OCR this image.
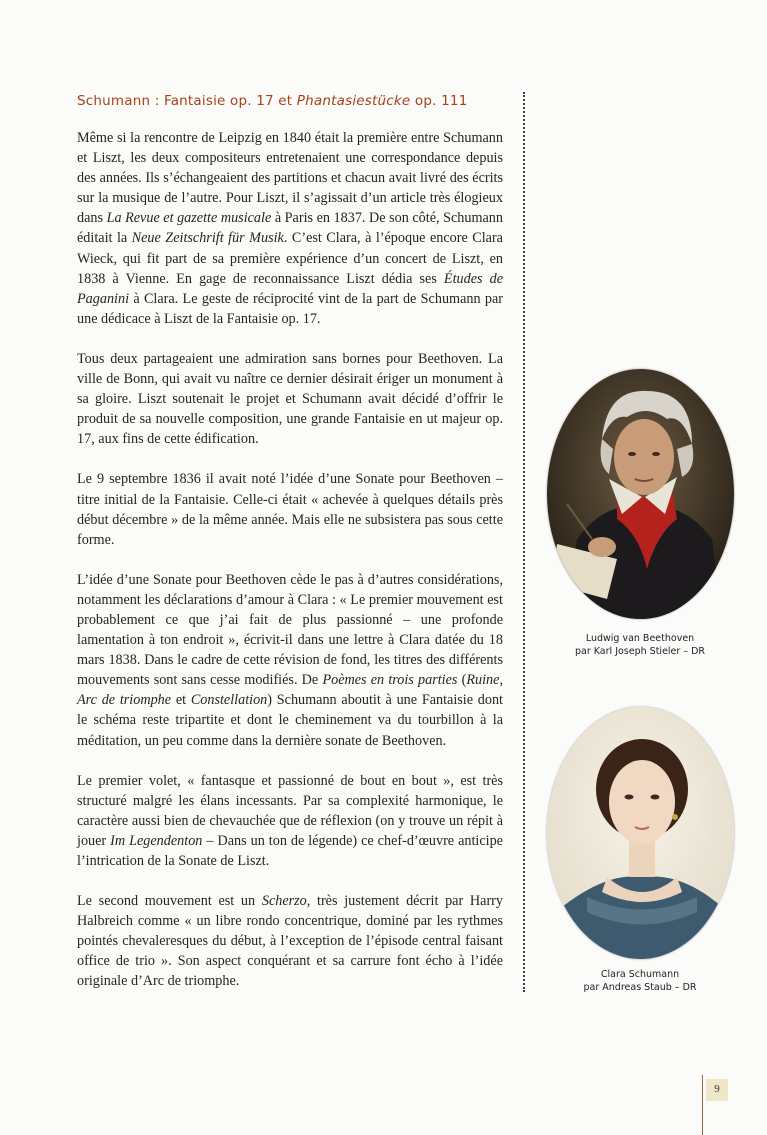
Schumann : Fantaisie op. 17 et Phantasiestücke op. 111

Même si la rencontre de Leipzig en 1840 était la première entre Schumann et Liszt, les deux compositeurs entretenaient une correspondance depuis des années. Ils s’échangeaient des partitions et chacun avait livré des écrits sur la musique de l’autre. Pour Liszt, il s’agissait d’un article très élogieux dans La Revue et gazette musicale à Paris en 1837. De son côté, Schumann éditait la Neue Zeitschrift für Musik. C’est Clara, à l’époque encore Clara Wieck, qui fit part de sa première expérience d’un concert de Liszt, en 1838 à Vienne. En gage de reconnaissance Liszt dédia ses Études de Paganini à Clara. Le geste de réciprocité vint de la part de Schumann par une dédicace à Liszt de la Fantaisie op. 17.

Tous deux partageaient une admiration sans bornes pour Beethoven. La ville de Bonn, qui avait vu naître ce dernier désirait ériger un monument à sa gloire. Liszt soutenait le projet et Schumann avait décidé d’offrir le produit de sa nouvelle composition, une grande Fantaisie en ut majeur op. 17, aux fins de cette édification.

Le 9 septembre 1836 il avait noté l’idée d’une Sonate pour Beethoven – titre initial de la Fantaisie. Celle-ci était « achevée à quelques détails près début décembre » de la même année. Mais elle ne subsistera pas sous cette forme.

L’idée d’une Sonate pour Beethoven cède le pas à d’autres considérations, notamment les déclarations d’amour à Clara : « Le premier mouvement est probablement ce que j’ai fait de plus passionné – une profonde lamentation à ton endroit », écrivit-il dans une lettre à Clara datée du 18 mars 1838. Dans le cadre de cette révision de fond, les titres des différents mouvements sont sans cesse modifiés. De Poèmes en trois parties (Ruine, Arc de triomphe et Constellation) Schumann aboutit à une Fantaisie dont le schéma reste tripartite et dont le cheminement va du tourbillon à la méditation, un peu comme dans la dernière sonate de Beethoven.

Le premier volet, « fantasque et passionné de bout en bout », est très structuré malgré les élans incessants. Par sa complexité harmonique, le caractère aussi bien de chevauchée que de réflexion (on y trouve un répit à jouer Im Legendenton – Dans un ton de légende) ce chef-d’œuvre anticipe l’intrication de la Sonate de Liszt.

Le second mouvement est un Scherzo, très justement décrit par Harry Halbreich comme « un libre rondo concentrique, dominé par les rythmes pointés chevaleresques du début, à l’exception de l’épisode central faisant office de trio ». Son aspect conquérant et sa carrure font écho à l’idée originale d’Arc de triomphe.

Ludwig van Beethoven
par Karl Joseph Stieler – DR
Clara Schumann
par Andreas Staub – DR
9
